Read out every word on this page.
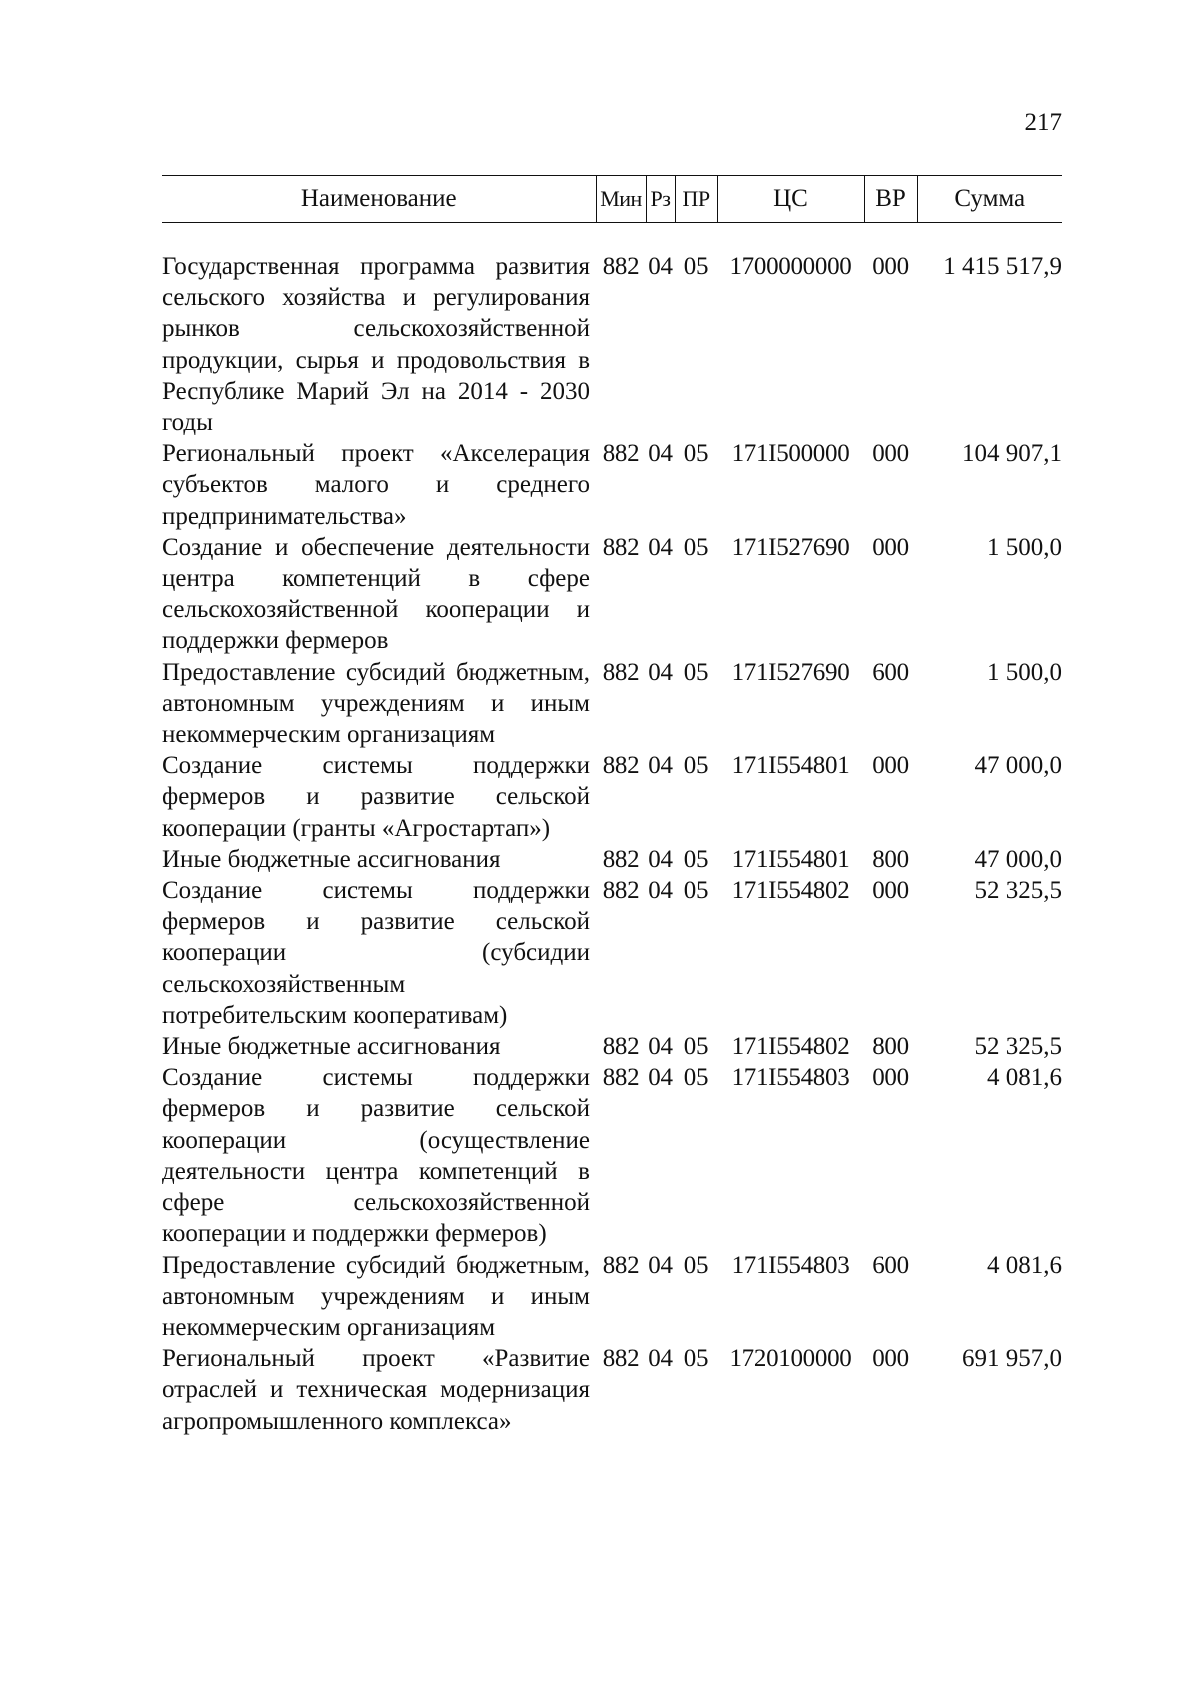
217
Наименование	Мин	Рз	ПР	ЦС	ВР	Сумма

Государственная программа развития сельского хозяйства и регулирования рынков сельскохозяйственной продукции, сырья и продовольствия в Республике Марий Эл на 2014 - 2030 годы	882	04	05	1700000000	000	1 415 517,9
Региональный проект «Акселерация субъектов малого и среднего предпринимательства»	882	04	05	171I500000	000	104 907,1
Создание и обеспечение деятельности центра компетенций в сфере сельскохозяйственной кооперации и поддержки фермеров	882	04	05	171I527690	000	1 500,0
Предоставление субсидий бюджетным, автономным учреждениям и иным некоммерческим организациям	882	04	05	171I527690	600	1 500,0
Создание системы поддержки фермеров и развитие сельской кооперации (гранты «Агростартап»)	882	04	05	171I554801	000	47 000,0
Иные бюджетные ассигнования	882	04	05	171I554801	800	47 000,0
Создание системы поддержки фермеров и развитие сельской кооперации (субсидии сельскохозяйственным потребительским кооперативам)	882	04	05	171I554802	000	52 325,5
Иные бюджетные ассигнования	882	04	05	171I554802	800	52 325,5
Создание системы поддержки фермеров и развитие сельской кооперации (осуществление деятельности центра компетенций в сфере сельскохозяйственной кооперации и поддержки фермеров)	882	04	05	171I554803	000	4 081,6
Предоставление субсидий бюджетным, автономным учреждениям и иным некоммерческим организациям	882	04	05	171I554803	600	4 081,6
Региональный проект «Развитие отраслей и техническая модернизация агропромышленного комплекса»	882	04	05	1720100000	000	691 957,0
